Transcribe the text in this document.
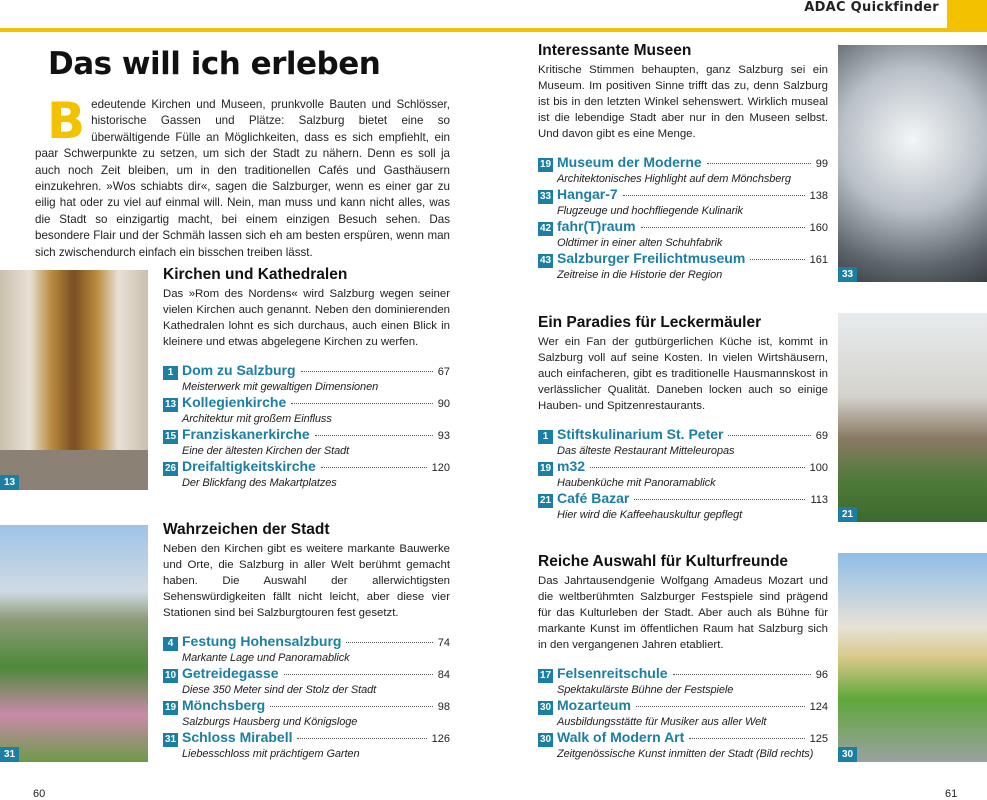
ADAC Quickfinder
Das will ich erleben
Bedeutende Kirchen und Museen, prunkvolle Bauten und Schlösser, historische Gassen und Plätze: Salzburg bietet eine so überwältigende Fülle an Möglichkeiten, dass es sich empfiehlt, ein paar Schwerpunkte zu setzen, um sich der Stadt zu nähern. Denn es soll ja auch noch Zeit bleiben, um in den traditionellen Cafés und Gasthäusern einzukehren. »Wos schiabts dir«, sagen die Salzburger, wenn es einer gar zu eilig hat oder zu viel auf einmal will. Nein, man muss und kann nicht alles, was die Stadt so einzigartig macht, bei einem einzigen Besuch sehen. Das besondere Flair und der Schmäh lassen sich eh am besten erspüren, wenn man sich zwischendurch einfach ein bisschen treiben lässt.
Kirchen und Kathedralen

Das »Rom des Nordens« wird Salzburg wegen seiner vielen Kirchen auch genannt. Neben den dominierenden Kathedralen lohnt es sich durchaus, auch einen Blick in kleinere und etwas abgelegene Kirchen zu werfen.

1 Dom zu Salzburg	67
Meisterwerk mit gewaltigen Dimensionen
13 Kollegienkirche	90
Architektur mit großem Einfluss
15 Franziskanerkirche	93
Eine der ältesten Kirchen der Stadt
26 Dreifaltigkeitskirche	120
Der Blickfang des Makartplatzes
Wahrzeichen der Stadt

Neben den Kirchen gibt es weitere markante Bauwerke und Orte, die Salzburg in aller Welt berühmt gemacht haben. Die Auswahl der allerwichtigsten Sehenswürdigkeiten fällt nicht leicht, aber diese vier Stationen sind bei Salzburgtouren fest gesetzt.

4 Festung Hohensalzburg	74
Markante Lage und Panoramablick
10 Getreidegasse	84
Diese 350 Meter sind der Stolz der Stadt
19 Mönchsberg	98
Salzburgs Hausberg und Königsloge
31 Schloss Mirabell	126
Liebesschloss mit prächtigem Garten
Interessante Museen

Kritische Stimmen behaupten, ganz Salzburg sei ein Museum. Im positiven Sinne trifft das zu, denn Salzburg ist bis in den letzten Winkel sehenswert. Wirklich museal ist die lebendige Stadt aber nur in den Museen selbst. Und davon gibt es eine Menge.

19 Museum der Moderne	99
Architektonisches Highlight auf dem Mönchsberg
33 Hangar-7	138
Flugzeuge und hochfliegende Kulinarik
42 fahr(T)raum	160
Oldtimer in einer alten Schuhfabrik
43 Salzburger Freilichtmuseum	161
Zeitreise in die Historie der Region
Ein Paradies für Leckermäuler

Wer ein Fan der gutbürgerlichen Küche ist, kommt in Salzburg voll auf seine Kosten. In vielen Wirtshäusern, auch einfacheren, gibt es traditionelle Hausmannskost in verlässlicher Qualität. Daneben locken auch so einige Hauben- und Spitzenrestaurants.

1 Stiftskulinarium St. Peter	69
Das älteste Restaurant Mitteleuropas
19 m32	100
Haubenküche mit Panoramablick
21 Café Bazar	113
Hier wird die Kaffeehauskultur gepflegt
Reiche Auswahl für Kulturfreunde

Das Jahrtausendgenie Wolfgang Amadeus Mozart und die weltberühmten Salzburger Festspiele sind prägend für das Kulturleben der Stadt. Aber auch als Bühne für markante Kunst im öffentlichen Raum hat Salzburg sich in den vergangenen Jahren etabliert.

17 Felsenreitschule	96
Spektakulärste Bühne der Festspiele
30 Mozarteum	124
Ausbildungsstätte für Musiker aus aller Welt
30 Walk of Modern Art	125
Zeitgenössische Kunst inmitten der Stadt (Bild rechts)
13
31
33
21
30
60	61
